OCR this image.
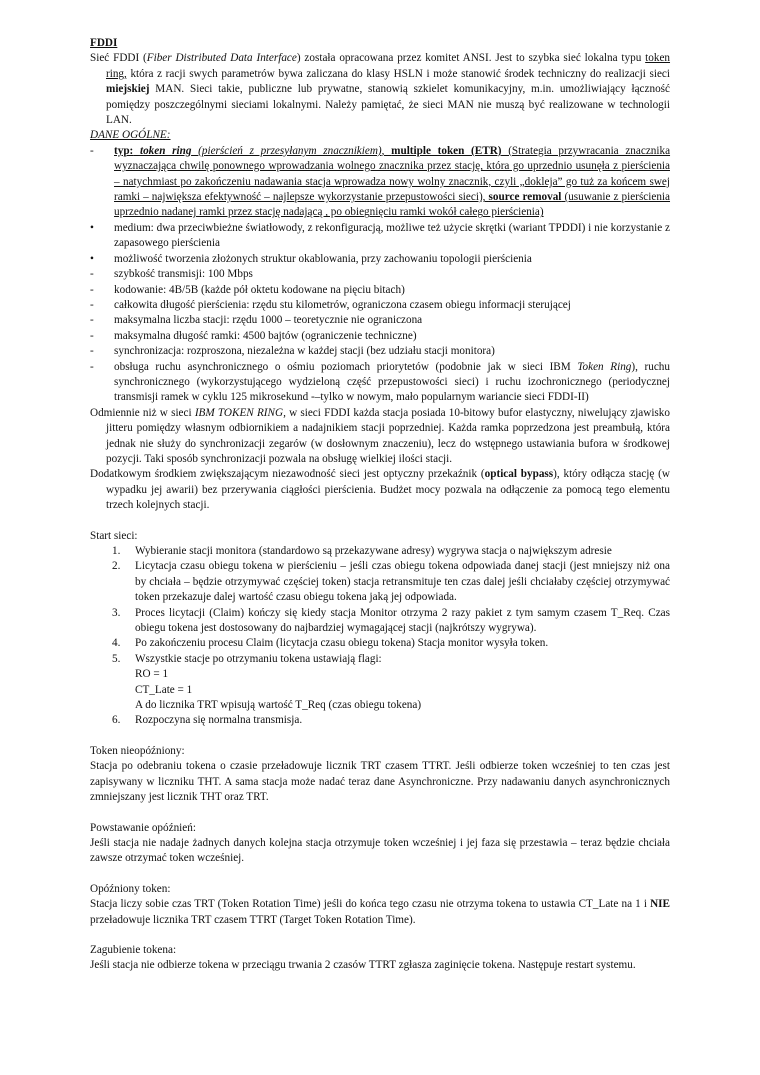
FDDI

Sieć FDDI (Fiber Distributed Data Interface) została opracowana przez komitet ANSI. Jest to szybka sieć lokalna typu token ring, która z racji swych parametrów bywa zaliczana do klasy HSLN i może stanowić środek techniczny do realizacji sieci miejskiej MAN. Sieci takie, publiczne lub prywatne, stanowią szkielet komunikacyjny, m.in. umożliwiający łączność pomiędzy poszczególnymi sieciami lokalnymi. Należy pamiętać, że sieci MAN nie muszą być realizowane w technologii LAN.

DANE OGÓLNE:

-	typ: token ring (pierścień z przesyłanym znacznikiem), multiple token (ETR) (Strategia przywracania znacznika wyznaczająca chwilę ponownego wprowadzania wolnego znacznika przez stację, która go uprzednio usunęła z pierścienia – natychmiast po zakończeniu nadawania stacja wprowadza nowy wolny znacznik, czyli „dokleja” go tuż za końcem swej ramki – największa efektywność – najlepsze wykorzystanie przepustowości sieci), source removal (usuwanie z pierścienia uprzednio nadanej ramki przez stację nadającą , po obiegnięciu ramki wokół całego pierścienia)
•	medium: dwa przeciwbieżne światłowody, z rekonfiguracją, możliwe też użycie skrętki (wariant TPDDI) i nie korzystanie z zapasowego pierścienia
•	możliwość tworzenia złożonych struktur okablowania, przy zachowaniu topologii pierścienia
-	szybkość transmisji: 100 Mbps
-	kodowanie: 4B/5B (każde pół oktetu kodowane na pięciu bitach)
-	całkowita długość pierścienia: rzędu stu kilometrów, ograniczona czasem obiegu informacji sterującej
-	maksymalna liczba stacji: rzędu 1000 – teoretycznie nie ograniczona
-	maksymalna długość ramki: 4500 bajtów (ograniczenie techniczne)
-	synchronizacja: rozproszona, niezależna w każdej stacji (bez udziału stacji monitora)
-	obsługa ruchu asynchronicznego o ośmiu poziomach priorytetów (podobnie jak w sieci IBM Token Ring), ruchu synchronicznego (wykorzystującego wydzieloną część przepustowości sieci) i ruchu izochronicznego (periodycznej transmisji ramek w cyklu 125 mikrosekund -–tylko w nowym, mało popularnym wariancie sieci FDDI-II)

Odmiennie niż w sieci IBM TOKEN RING, w sieci FDDI każda stacja posiada 10-bitowy bufor elastyczny, niwelujący zjawisko jitteru pomiędzy własnym odbiornikiem a nadajnikiem stacji poprzedniej. Każda ramka poprzedzona jest preambułą, która jednak nie służy do synchronizacji zegarów (w dosłownym znaczeniu), lecz do wstępnego ustawiania bufora w środkowej pozycji. Taki sposób synchronizacji pozwala na obsługę wielkiej ilości stacji.

Dodatkowym środkiem zwiększającym niezawodność sieci jest optyczny przekaźnik (optical bypass), który odłącza stację (w wypadku jej awarii) bez przerywania ciągłości pierścienia. Budżet mocy pozwala na odłączenie za pomocą tego elementu trzech kolejnych stacji.

Start sieci:

1. Wybieranie stacji monitora (standardowo są przekazywane adresy) wygrywa stacja o największym adresie
2. Licytacja czasu obiegu tokena w pierścieniu – jeśli czas obiegu tokena odpowiada danej stacji (jest mniejszy niż ona by chciała – będzie otrzymywać częściej token) stacja retransmituje ten czas dalej jeśli chciałaby częściej otrzymywać token przekazuje dalej wartość czasu obiegu tokena jaką jej odpowiada.
3. Proces licytacji (Claim) kończy się kiedy stacja Monitor otrzyma 2 razy pakiet z tym samym czasem T_Req. Czas obiegu tokena jest dostosowany do najbardziej wymagającej stacji (najkrótszy wygrywa).
4. Po zakończeniu procesu Claim (licytacja czasu obiegu tokena) Stacja monitor wysyła token.
5. Wszystkie stacje po otrzymaniu tokena ustawiają flagi:

RO = 1

CT_Late = 1

A do licznika TRT wpisują wartość T_Req (czas obiegu tokena)

6. Rozpoczyna się normalna transmisja.

Token nieopóźniony:

Stacja po odebraniu tokena o czasie przeładowuje licznik TRT czasem TTRT. Jeśli odbierze token wcześniej to ten czas jest zapisywany w liczniku THT. A sama stacja może nadać teraz dane Asynchroniczne. Przy nadawaniu danych asynchronicznych zmniejszany jest licznik THT oraz TRT.

Powstawanie opóźnień:

Jeśli stacja nie nadaje żadnych danych kolejna stacja otrzymuje token wcześniej i jej faza się przestawia – teraz będzie chciała zawsze otrzymać token wcześniej.

Opóźniony token:

Stacja liczy sobie czas TRT (Token Rotation Time) jeśli do końca tego czasu nie otrzyma tokena to ustawia CT_Late na 1 i NIE przeładowuje licznika TRT czasem TTRT (Target Token Rotation Time).

Zagubienie tokena:

Jeśli stacja nie odbierze tokena w przeciągu trwania 2 czasów TTRT zgłasza zaginięcie tokena. Następuje restart systemu.
